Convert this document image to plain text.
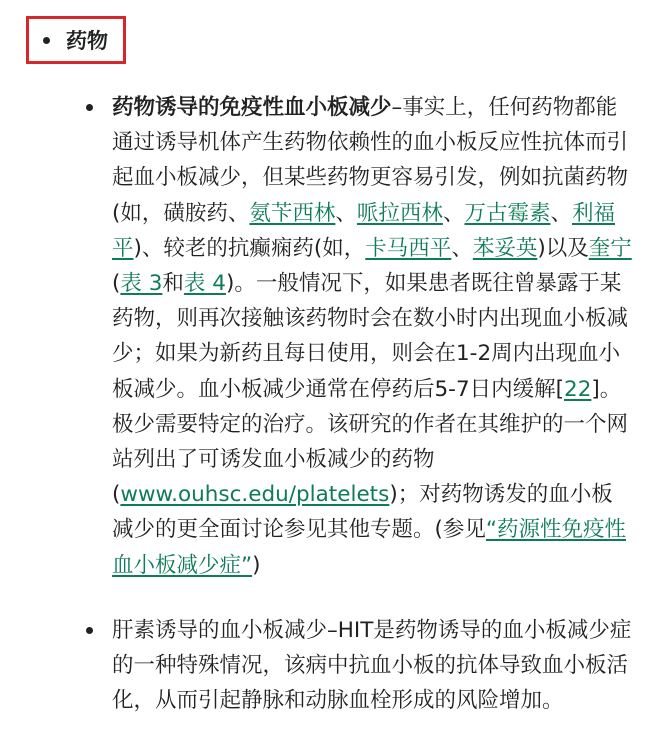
药物
药物诱导的免疫性血小板减少–事实上，任何药物都能通过诱导机体产生药物依赖性的血小板反应性抗体而引起血小板减少，但某些药物更容易引发，例如抗菌药物(如，磺胺药、氨苄西林、哌拉西林、万古霉素、利福平)、较老的抗癫痫药(如，卡马西平、苯妥英)以及奎宁(表 3和表 4)。一般情况下，如果患者既往曾暴露于某药物，则再次接触该药物时会在数小时内出现血小板减少；如果为新药且每日使用，则会在1-2周内出现血小板减少。血小板减少通常在停药后5-7日内缓解[22]。极少需要特定的治疗。该研究的作者在其维护的一个网站列出了可诱发血小板减少的药物(www.ouhsc.edu/platelets)；对药物诱发的血小板减少的更全面讨论参见其他专题。(参见“药源性免疫性血小板减少症”)
肝素诱导的血小板减少–HIT是药物诱导的血小板减少症的一种特殊情况，该病中抗血小板的抗体导致血小板活化，从而引起静脉和动脉血栓形成的风险增加。
